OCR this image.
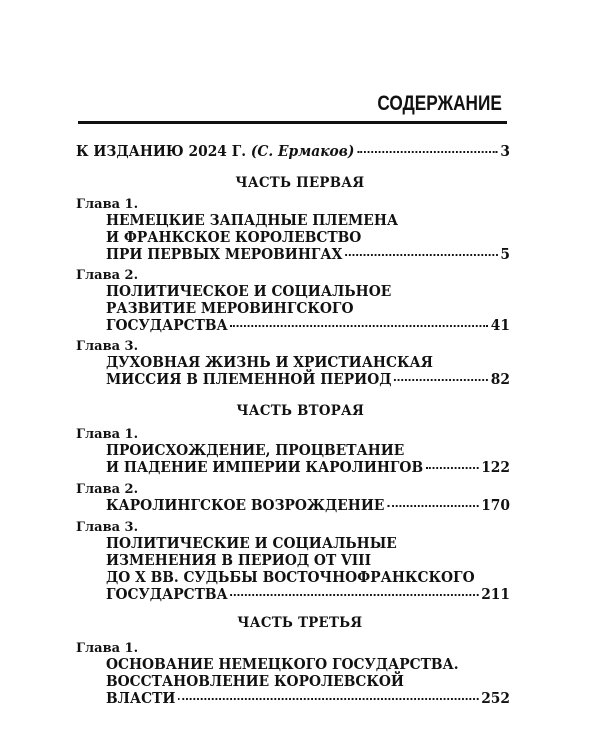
СОДЕРЖАНИЕ
К ИЗДАНИЮ 2024 Г. (С. Ермаков)	3
ЧАСТЬ ПЕРВАЯ
Глава 1.
НЕМЕЦКИЕ ЗАПАДНЫЕ ПЛЕМЕНА
И ФРАНКСКОЕ КОРОЛЕВСТВО
ПРИ ПЕРВЫХ МЕРОВИНГАХ	5
Глава 2.
ПОЛИТИЧЕСКОЕ И СОЦИАЛЬНОЕ
РАЗВИТИЕ МЕРОВИНГСКОГО
ГОСУДАРСТВА	41
Глава 3.
ДУХОВНАЯ ЖИЗНЬ И ХРИСТИАНСКАЯ
МИССИЯ В ПЛЕМЕННОЙ ПЕРИОД	82
ЧАСТЬ ВТОРАЯ
Глава 1.
ПРОИСХОЖДЕНИЕ, ПРОЦВЕТАНИЕ
И ПАДЕНИЕ ИМПЕРИИ КАРОЛИНГОВ	122
Глава 2.
КАРОЛИНГСКОЕ ВОЗРОЖДЕНИЕ	170
Глава 3.
ПОЛИТИЧЕСКИЕ И СОЦИАЛЬНЫЕ
ИЗМЕНЕНИЯ В ПЕРИОД ОТ VIII
ДО Х ВВ. СУДЬБЫ ВОСТОЧНОФРАНКСКОГО
ГОСУДАРСТВА	211
ЧАСТЬ ТРЕТЬЯ
Глава 1.
ОСНОВАНИЕ НЕМЕЦКОГО ГОСУДАРСТВА.
ВОССТАНОВЛЕНИЕ КОРОЛЕВСКОЙ
ВЛАСТИ	252
